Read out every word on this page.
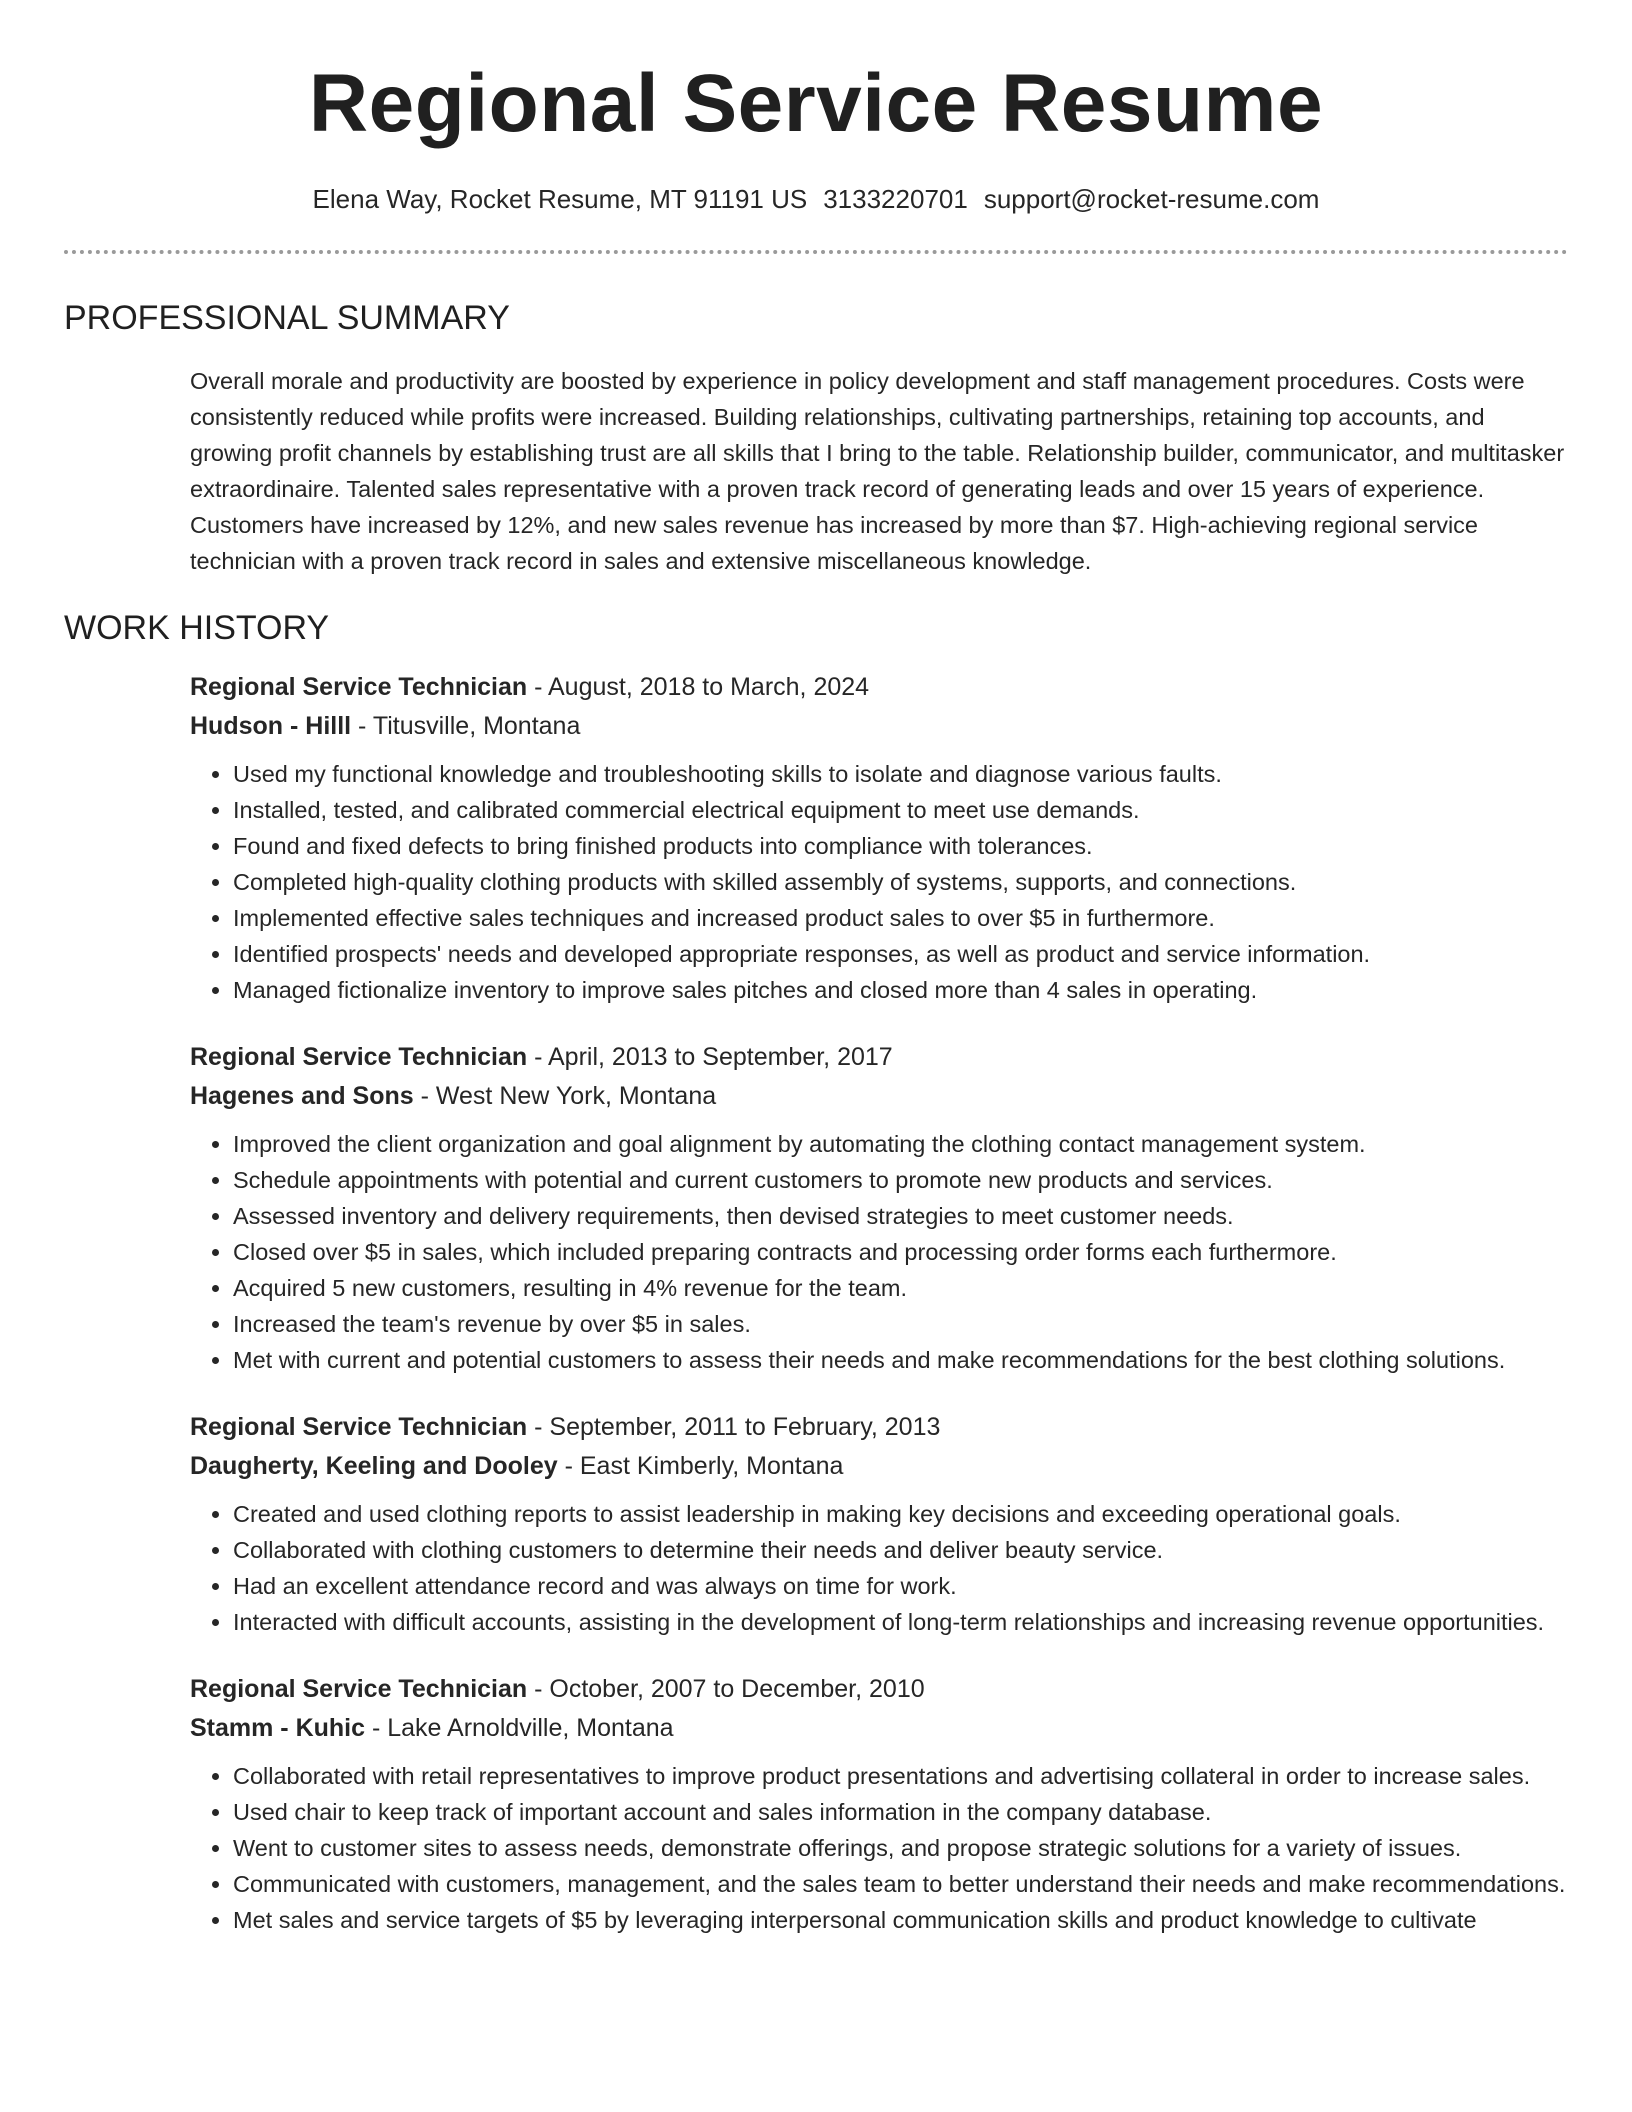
Regional Service Resume
Elena Way, Rocket Resume, MT 91191 US 3133220701 support@rocket-resume.com
PROFESSIONAL SUMMARY
Overall morale and productivity are boosted by experience in policy development and staff management procedures. Costs were consistently reduced while profits were increased. Building relationships, cultivating partnerships, retaining top accounts, and growing profit channels by establishing trust are all skills that I bring to the table. Relationship builder, communicator, and multitasker extraordinaire. Talented sales representative with a proven track record of generating leads and over 15 years of experience. Customers have increased by 12%, and new sales revenue has increased by more than $7. High-achieving regional service technician with a proven track record in sales and extensive miscellaneous knowledge.
WORK HISTORY
Regional Service Technician - August, 2018 to March, 2024
Hudson - Hilll - Titusville, Montana
• Used my functional knowledge and troubleshooting skills to isolate and diagnose various faults.
• Installed, tested, and calibrated commercial electrical equipment to meet use demands.
• Found and fixed defects to bring finished products into compliance with tolerances.
• Completed high-quality clothing products with skilled assembly of systems, supports, and connections.
• Implemented effective sales techniques and increased product sales to over $5 in furthermore.
• Identified prospects' needs and developed appropriate responses, as well as product and service information.
• Managed fictionalize inventory to improve sales pitches and closed more than 4 sales in operating.
Regional Service Technician - April, 2013 to September, 2017
Hagenes and Sons - West New York, Montana
• Improved the client organization and goal alignment by automating the clothing contact management system.
• Schedule appointments with potential and current customers to promote new products and services.
• Assessed inventory and delivery requirements, then devised strategies to meet customer needs.
• Closed over $5 in sales, which included preparing contracts and processing order forms each furthermore.
• Acquired 5 new customers, resulting in 4% revenue for the team.
• Increased the team's revenue by over $5 in sales.
• Met with current and potential customers to assess their needs and make recommendations for the best clothing solutions.
Regional Service Technician - September, 2011 to February, 2013
Daugherty, Keeling and Dooley - East Kimberly, Montana
• Created and used clothing reports to assist leadership in making key decisions and exceeding operational goals.
• Collaborated with clothing customers to determine their needs and deliver beauty service.
• Had an excellent attendance record and was always on time for work.
• Interacted with difficult accounts, assisting in the development of long-term relationships and increasing revenue opportunities.
Regional Service Technician - October, 2007 to December, 2010
Stamm - Kuhic - Lake Arnoldville, Montana
• Collaborated with retail representatives to improve product presentations and advertising collateral in order to increase sales.
• Used chair to keep track of important account and sales information in the company database.
• Went to customer sites to assess needs, demonstrate offerings, and propose strategic solutions for a variety of issues.
• Communicated with customers, management, and the sales team to better understand their needs and make recommendations.
• Met sales and service targets of $5 by leveraging interpersonal communication skills and product knowledge to cultivate
